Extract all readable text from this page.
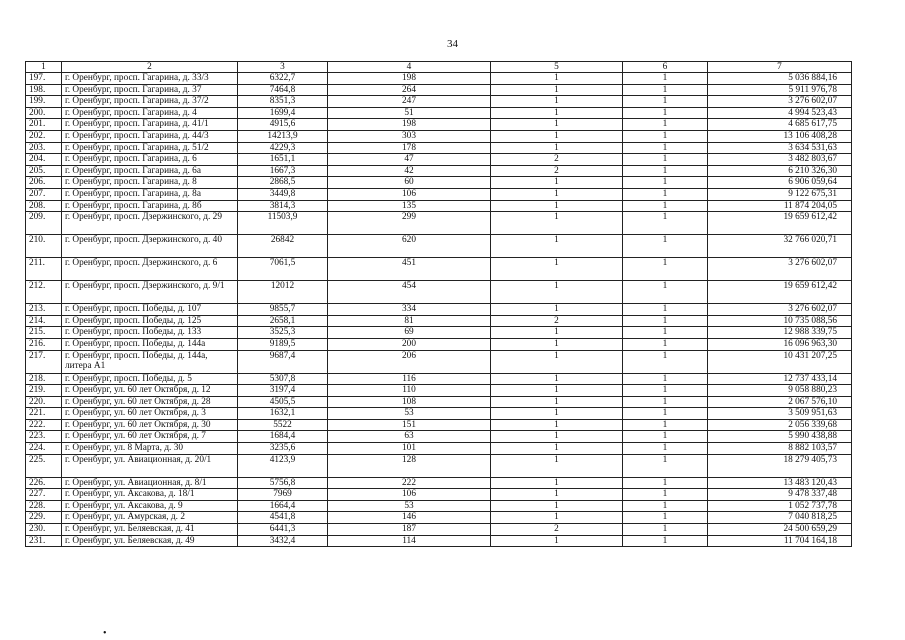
34
1	2	3	4	5	6	7
197.	г. Оренбург, просп. Гагарина, д. 33/3	6322,7	198	1	1	5 036 884,16
198.	г. Оренбург, просп. Гагарина, д. 37	7464,8	264	1	1	5 911 976,78
199.	г. Оренбург, просп. Гагарина, д. 37/2	8351,3	247	1	1	3 276 602,07
200.	г. Оренбург, просп. Гагарина, д. 4	1699,4	51	1	1	4 994 523,43
201.	г. Оренбург, просп. Гагарина, д. 41/1	4915,6	198	1	1	4 685 617,75
202.	г. Оренбург, просп. Гагарина, д. 44/3	14213,9	303	1	1	13 106 408,28
203.	г. Оренбург, просп. Гагарина, д. 51/2	4229,3	178	1	1	3 634 531,63
204.	г. Оренбург, просп. Гагарина, д. 6	1651,1	47	2	1	3 482 803,67
205.	г. Оренбург, просп. Гагарина, д. 6а	1667,3	42	2	1	6 210 326,30
206.	г. Оренбург, просп. Гагарина, д. 8	2868,5	60	1	1	6 906 059,64
207.	г. Оренбург, просп. Гагарина, д. 8а	3449,8	106	1	1	9 122 675,31
208.	г. Оренбург, просп. Гагарина, д. 8б	3814,3	135	1	1	11 874 204,05
209.	г. Оренбург, просп. Дзержинского, д. 29	11503,9	299	1	1	19 659 612,42
210.	г. Оренбург, просп. Дзержинского, д. 40	26842	620	1	1	32 766 020,71
211.	г. Оренбург, просп. Дзержинского, д. 6	7061,5	451	1	1	3 276 602,07
212.	г. Оренбург, просп. Дзержинского, д. 9/1	12012	454	1	1	19 659 612,42
213.	г. Оренбург, просп. Победы, д. 107	9855,7	334	1	1	3 276 602,07
214.	г. Оренбург, просп. Победы, д. 125	2658,1	81	2	1	10 735 088,56
215.	г. Оренбург, просп. Победы, д. 133	3525,3	69	1	1	12 988 339,75
216.	г. Оренбург, просп. Победы, д. 144а	9189,5	200	1	1	16 096 963,30
217.	г. Оренбург, просп. Победы, д. 144а, литера А1	9687,4	206	1	1	10 431 207,25
218.	г. Оренбург, просп. Победы, д. 5	5307,8	116	1	1	12 737 433,14
219.	г. Оренбург, ул. 60 лет Октября, д. 12	3197,4	110	1	1	9 058 880,23
220.	г. Оренбург, ул. 60 лет Октября, д. 28	4505,5	108	1	1	2 067 576,10
221.	г. Оренбург, ул. 60 лет Октября, д. 3	1632,1	53	1	1	3 509 951,63
222.	г. Оренбург, ул. 60 лет Октября, д. 30	5522	151	1	1	2 056 339,68
223.	г. Оренбург, ул. 60 лет Октября, д. 7	1684,4	63	1	1	5 990 438,88
224.	г. Оренбург, ул. 8 Марта, д. 30	3235,6	101	1	1	8 882 103,57
225.	г. Оренбург, ул. Авиационная, д. 20/1	4123,9	128	1	1	18 279 405,73
226.	г. Оренбург, ул. Авиационная, д. 8/1	5756,8	222	1	1	13 483 120,43
227.	г. Оренбург, ул. Аксакова, д. 18/1	7969	106	1	1	9 478 337,48
228.	г. Оренбург, ул. Аксакова, д. 9	1664,4	53	1	1	1 052 737,78
229.	г. Оренбург, ул. Амурская, д. 2	4541,8	146	1	1	7 040 818,25
230.	г. Оренбург, ул. Беляевская, д. 41	6441,3	187	2	1	24 500 659,29
231.	г. Оренбург, ул. Беляевская, д. 49	3432,4	114	1	1	11 704 164,18
•
